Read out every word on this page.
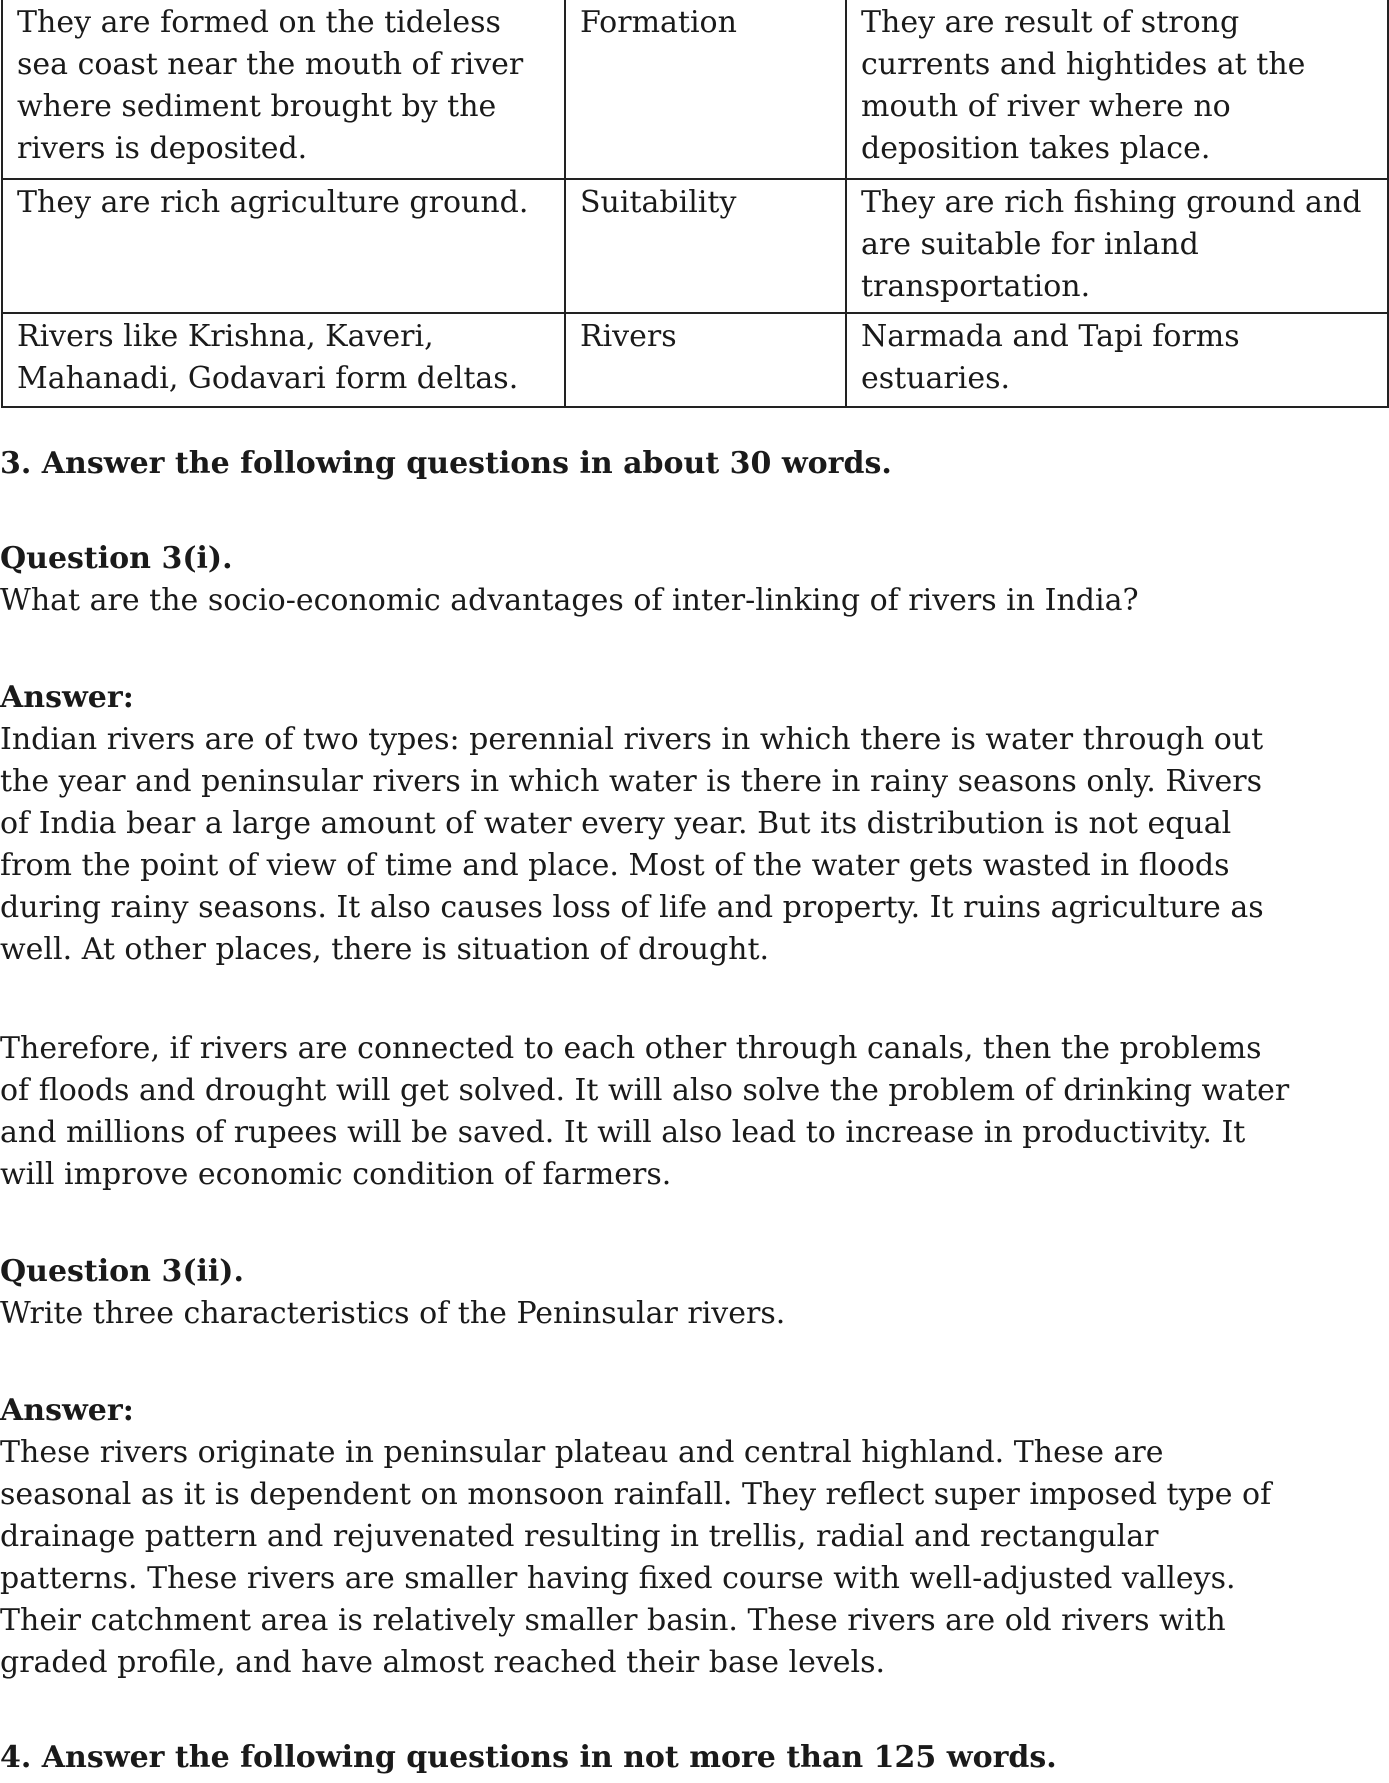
They are formed on the tideless sea coast near the mouth of river where sediment brought by the rivers is deposited.	Formation	They are result of strong currents and hightides at the mouth of river where no deposition takes place.
They are rich agriculture ground.	Suitability	They are rich fishing ground and are suitable for inland transportation.
Rivers like Krishna, Kaveri, Mahanadi, Godavari form deltas.	Rivers	Narmada and Tapi forms estuaries.

3. Answer the following questions in about 30 words.

Question 3(i).

What are the socio-economic advantages of inter-linking of rivers in India?

Answer:

Indian rivers are of two types: perennial rivers in which there is water through out the year and peninsular rivers in which water is there in rainy seasons only. Rivers of India bear a large amount of water every year. But its distribution is not equal from the point of view of time and place. Most of the water gets wasted in floods during rainy seasons. It also causes loss of life and property. It ruins agriculture as well. At other places, there is situation of drought.

Therefore, if rivers are connected to each other through canals, then the problems of floods and drought will get solved. It will also solve the problem of drinking water and millions of rupees will be saved. It will also lead to increase in productivity. It will improve economic condition of farmers.

Question 3(ii).

Write three characteristics of the Peninsular rivers.

Answer:

These rivers originate in peninsular plateau and central highland. These are seasonal as it is dependent on monsoon rainfall. They reflect super imposed type of drainage pattern and rejuvenated resulting in trellis, radial and rectangular patterns. These rivers are smaller having fixed course with well-adjusted valleys. Their catchment area is relatively smaller basin. These rivers are old rivers with graded profile, and have almost reached their base levels.

4. Answer the following questions in not more than 125 words.
